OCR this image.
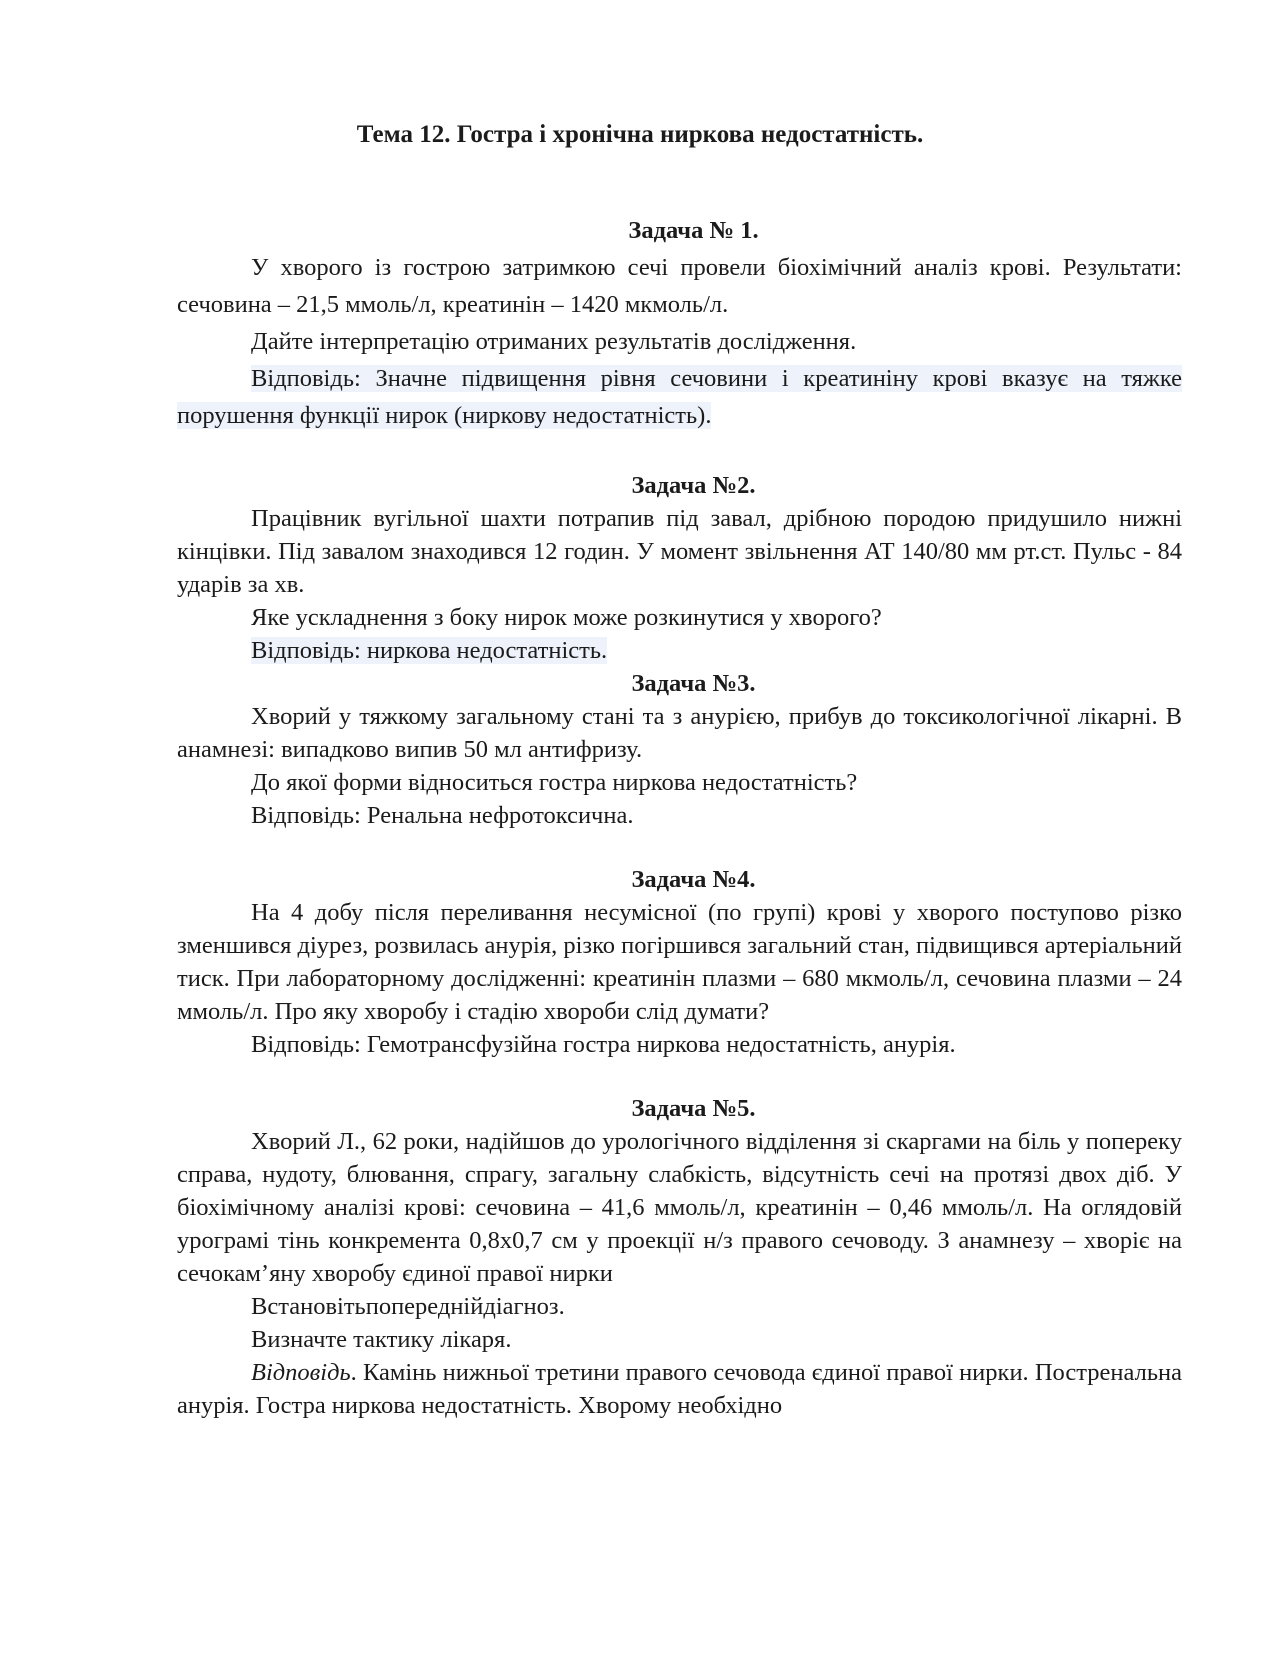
Тема 12. Гостра і хронічна ниркова недостатність.

Задача № 1.

У хворого із гострою затримкою сечі провели біохімічний аналіз крові. Результати: сечовина – 21,5 ммоль/л, креатинін – 1420 мкмоль/л.

Дайте інтерпретацію отриманих результатів дослідження.

Відповідь: Значне підвищення рівня сечовини і креатиніну крові вказує на тяжке порушення функції нирок (ниркову недостатність).

Задача №2.

Працівник вугільної шахти потрапив під завал, дрібною породою придушило нижні кінцівки. Під завалом знаходився 12 годин. У момент звільнення АТ 140/80 мм рт.ст. Пульс - 84 ударів за хв.

Яке ускладнення з боку нирок може розкинутися у хворого?

Відповідь: ниркова недостатність.

Задача №3.

Хворий у тяжкому загальному стані та з анурією, прибув до токсикологічної лікарні. В анамнезі: випадково випив 50 мл антифризу.

До якої форми відноситься гостра ниркова недостатність?

Відповідь: Ренальна нефротоксична.

Задача №4.

На 4 добу після переливання несумісної (по групі) крові у хворого поступово різко зменшився діурез, розвилась анурія, різко погіршився загальний стан, підвищився артеріальний тиск. При лабораторному дослідженні: креатинін плазми – 680 мкмоль/л, сечовина плазми – 24 ммоль/л. Про яку хворобу і стадію хвороби слід думати?

Відповідь: Гемотрансфузійна гостра ниркова недостатність, анурія.

Задача №5.

Хворий Л., 62 роки, надійшов до урологічного відділення зі скаргами на біль у поперeку справа, нудоту, блювання, спрагу, загальну слабкість, відсутність сечі на протязі двох діб. У біохімічному аналізі крові: сечовина – 41,6 ммоль/л, креатинін – 0,46 ммоль/л. На оглядовій урограмі тінь конкремента 0,8х0,7 см у проекції н/з правого сечоводу. З анамнезу – хворіє на сечокам’яну хворобу єдиної правої нирки

Встановітьпопереднійдіагноз.

Визначте тактику лікаря.

Відповідь. Камінь нижньої третини правого сечовода єдиної правої нирки. Постренальна анурія. Гостра ниркова недостатність. Хворому необхідно
